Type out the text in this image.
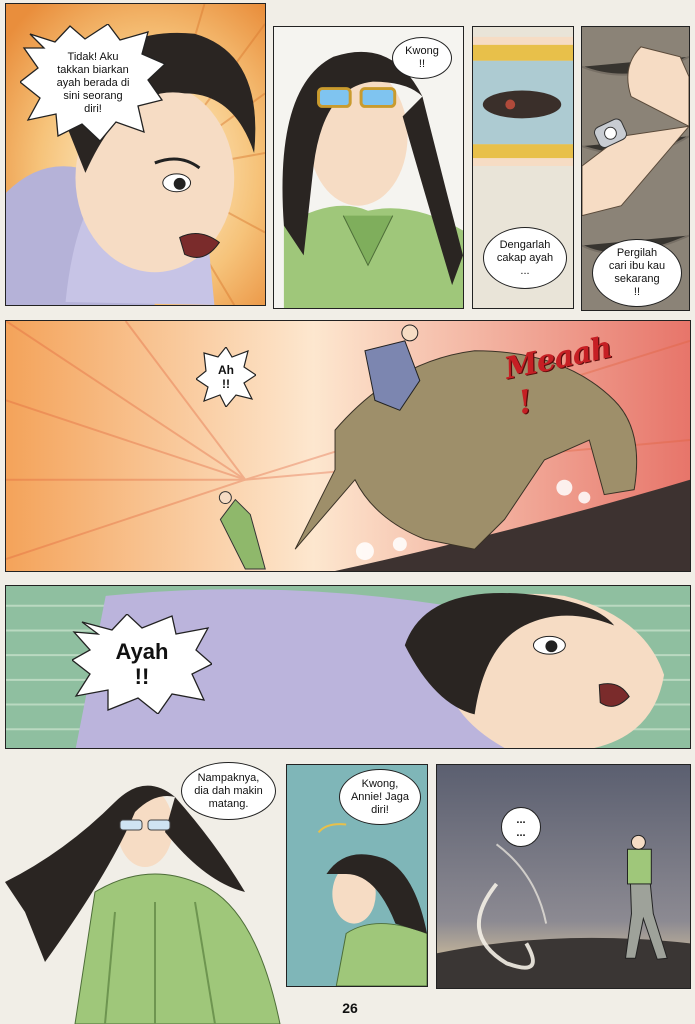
Tidak! Aku
takkan biarkan
ayah berada di
sini seorang
diri!
Kwong
!!
Dengarlah
cakap ayah
...
Pergilah
cari ibu kau
sekarang
!!
Ah
!!	Meaah
!
Ayah
!!
Nampaknya,
dia dah makin
matang.
Kwong,
Annie! Jaga
diri!
...
...
26
